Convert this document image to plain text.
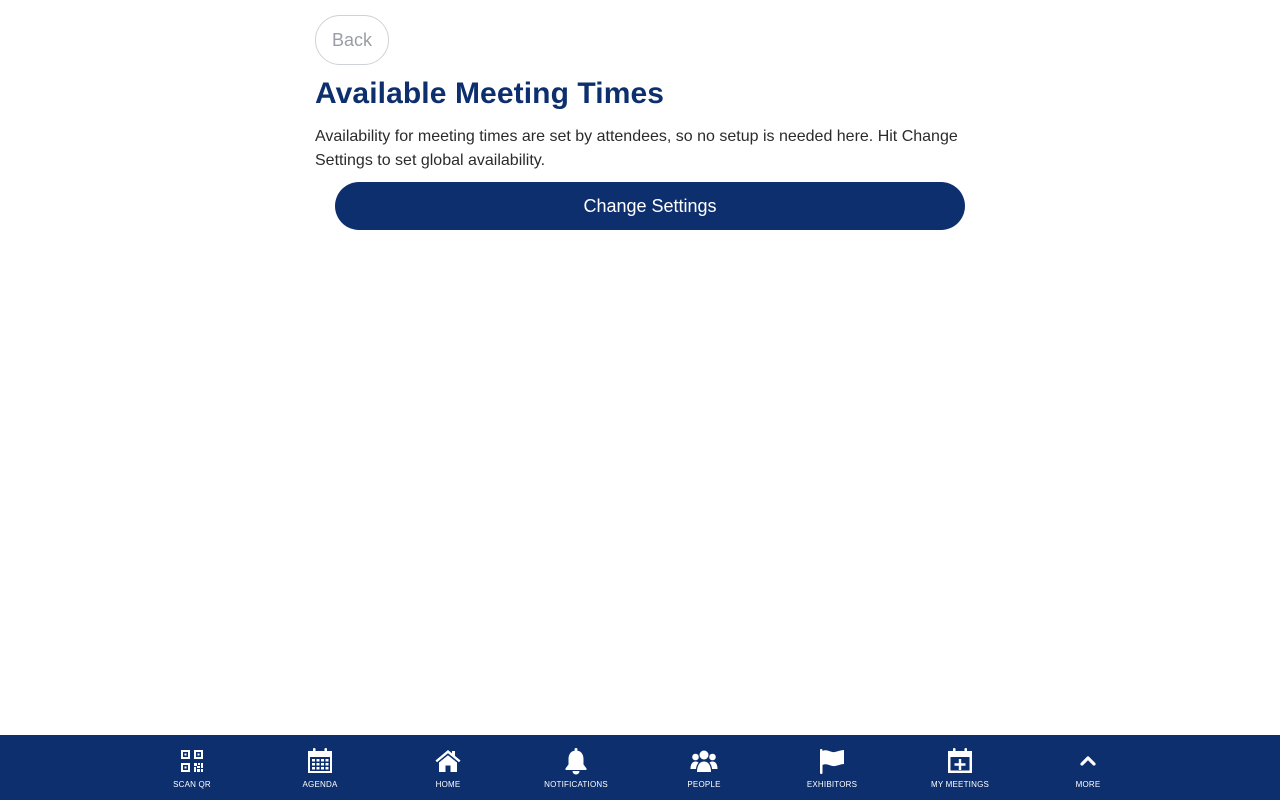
Back
Available Meeting Times

Availability for meeting times are set by attendees, so no setup is needed here. Hit Change Settings to set global availability.

Change Settings
SCAN QR	AGENDA	HOME	NOTIFICATIONS	PEOPLE	EXHIBITORS	MY MEETINGS	MORE
